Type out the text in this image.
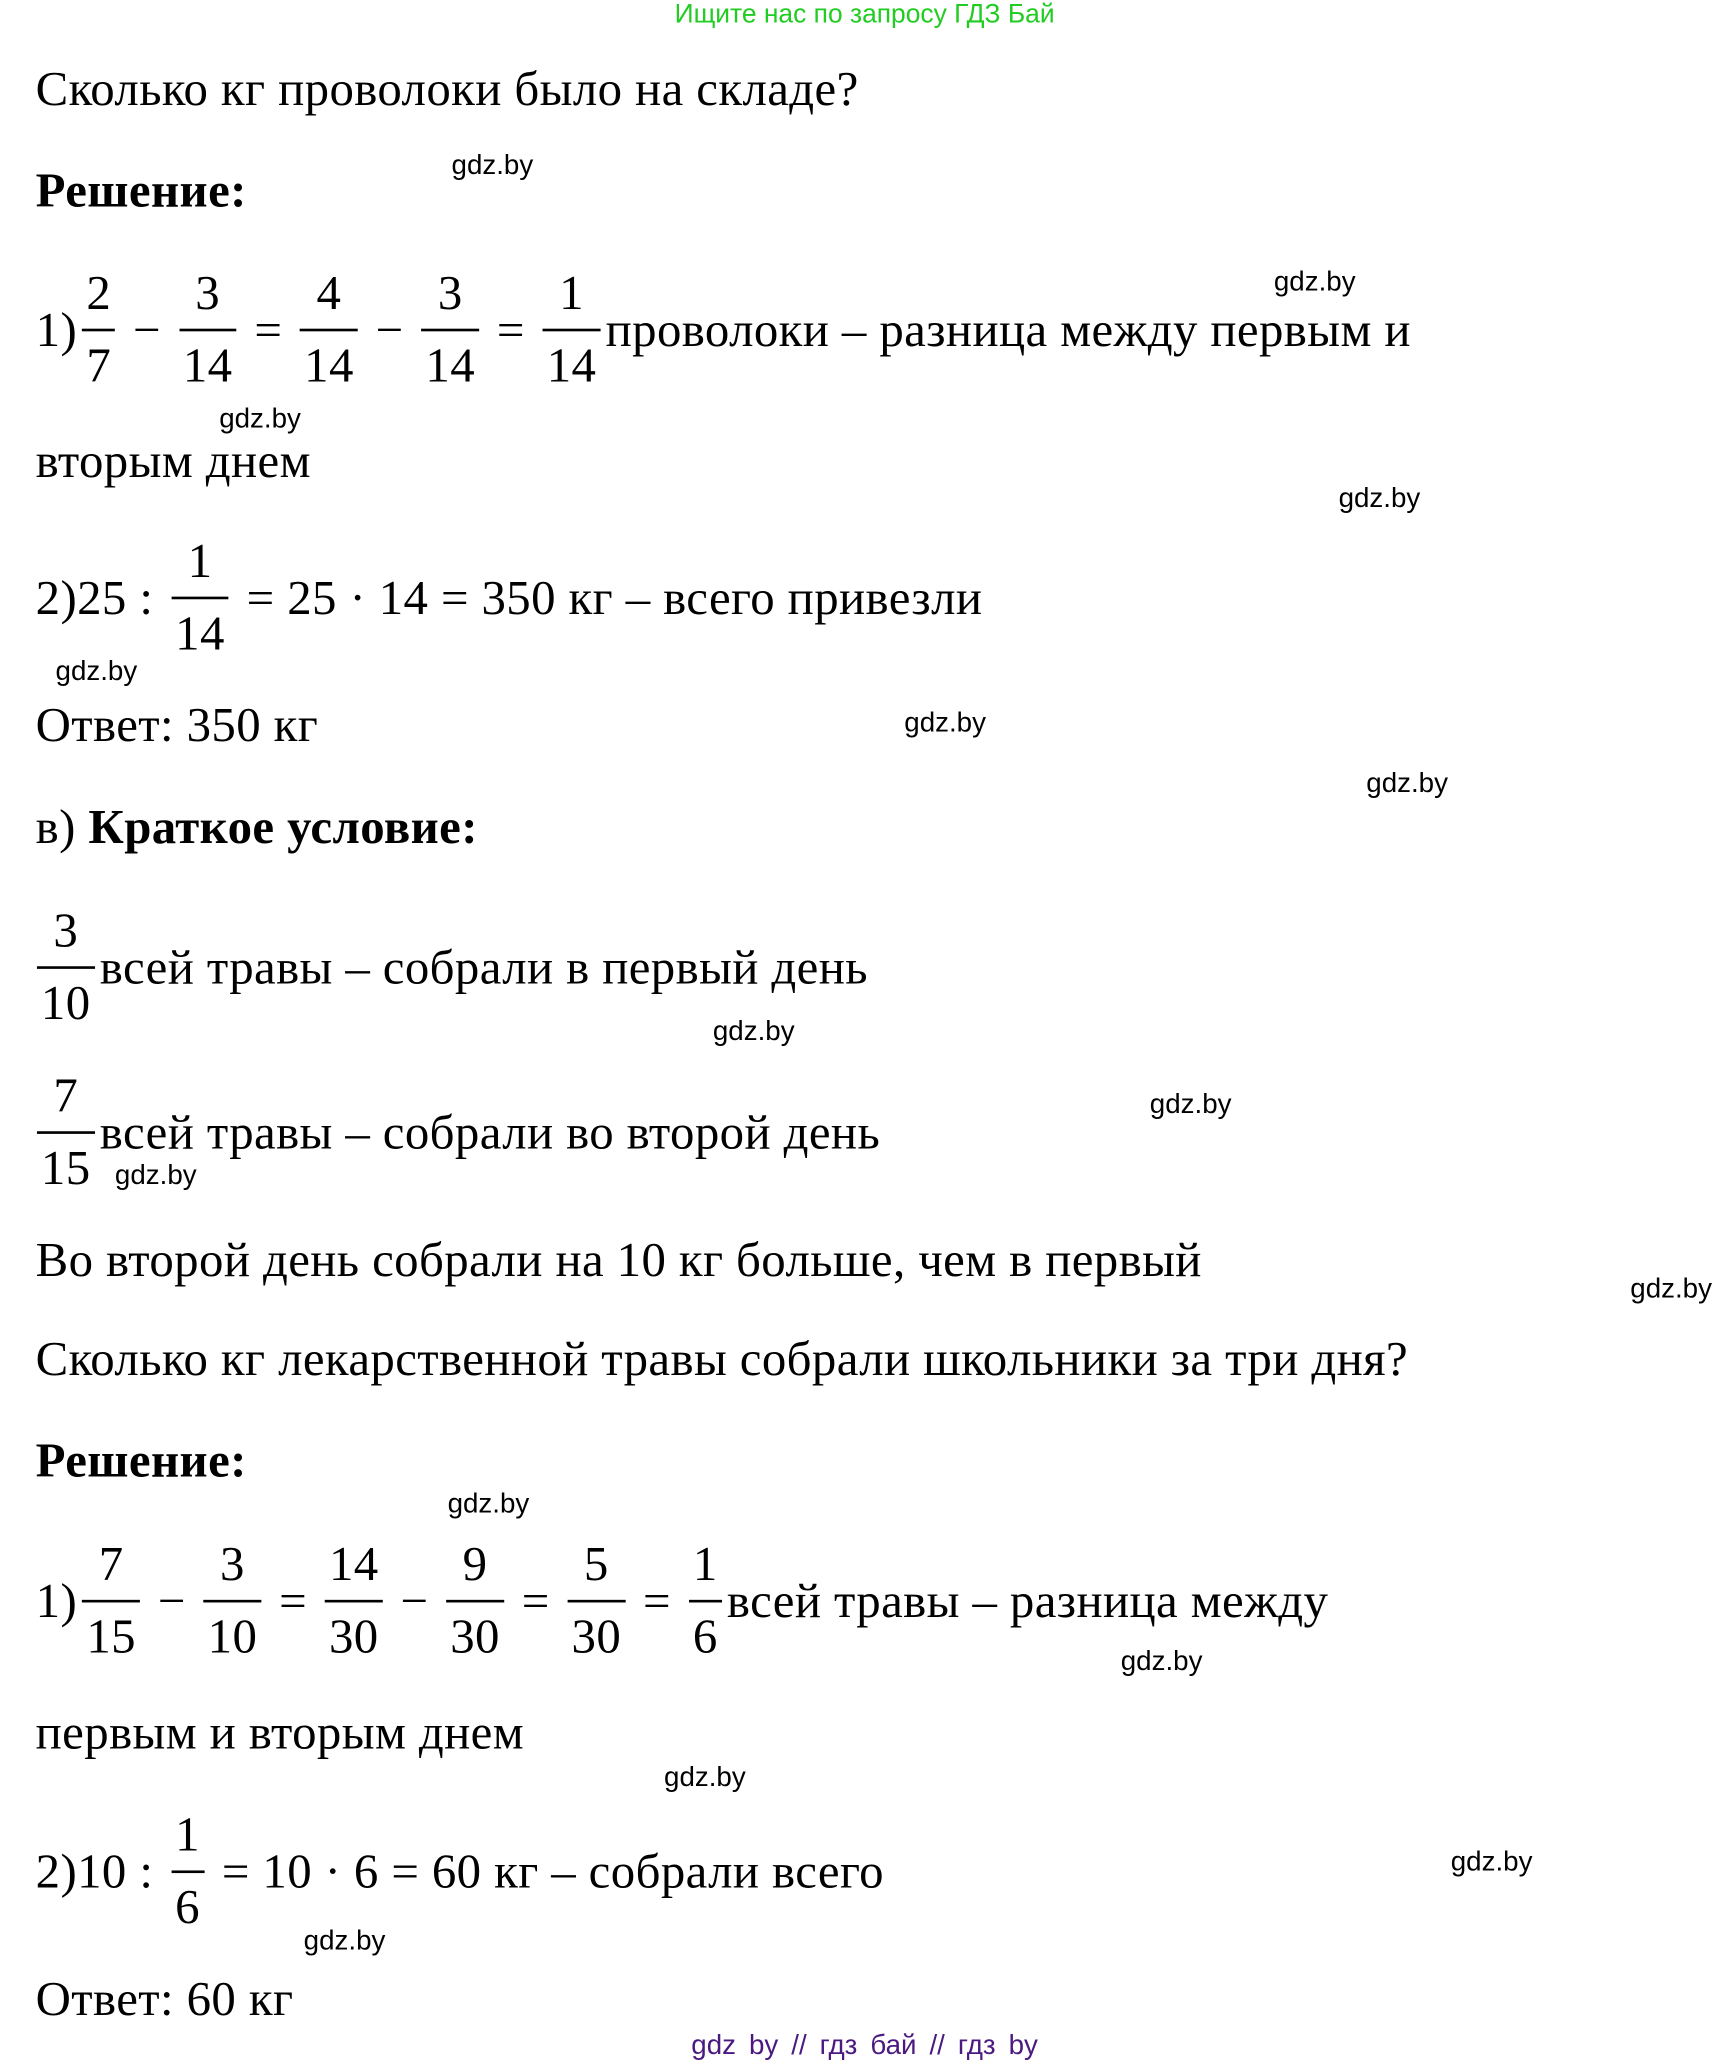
Ищите нас по запросу ГДЗ Бай
Сколько кг проволоки было на складе?
Решение:
$1) \frac{2}{7} - \frac{3}{14} = \frac{4}{14} - \frac{3}{14} = \frac{1}{14}$ проволоки – разница между первым и
вторым днем
2)25 : $\frac{1}{14} = 25 \cdot 14 = 350$ кг – всего привезли
Ответ: 350 кг
в) Краткое условие:
$\frac{3}{10}$ всей травы – собрали в первый день
$\frac{7}{15}$ всей травы – собрали во второй день
Во второй день собрали на 10 кг больше, чем в первый
Сколько кг лекарственной травы собрали школьники за три дня?
Решение:
$1) \frac{7}{15} - \frac{3}{10} = \frac{14}{30} - \frac{9}{30} = \frac{5}{30} = \frac{1}{6}$ всей травы – разница между
первым и вторым днем
2)10 : $\frac{1}{6} = 10 \cdot 6 = 60$ кг – собрали всего
Ответ: 60 кг
gdz.by
gdz.by
gdz.by
gdz.by
gdz.by
gdz.by
gdz.by
gdz.by
gdz.by
gdz.by
gdz.by
gdz.by
gdz.by
gdz.by
gdz.by
gdz.by
gdz by // гдз бай // гдз by
